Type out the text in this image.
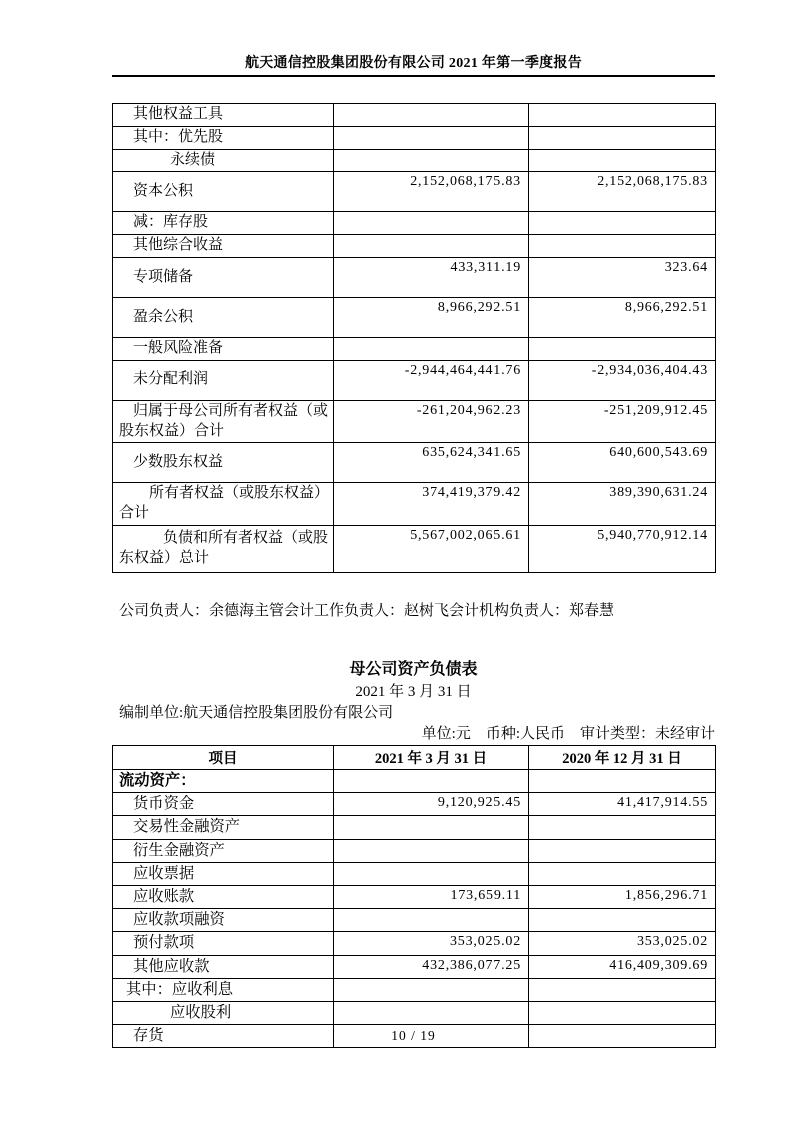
航天通信控股集团股份有限公司 2021 年第一季度报告
其他权益工具		
其中：优先股		
永续债		
资本公积	2,152,068,175.83	2,152,068,175.83
减：库存股		
其他综合收益		
专项储备	433,311.19	323.64
盈余公积	8,966,292.51	8,966,292.51
一般风险准备		
未分配利润	-2,944,464,441.76	-2,934,036,404.43
归属于母公司所有者权益（或股东权益）合计	-261,204,962.23	-251,209,912.45
少数股东权益	635,624,341.65	640,600,543.69
所有者权益（或股东权益）合计	374,419,379.42	389,390,631.24
负债和所有者权益（或股东权益）总计	5,567,002,065.61	5,940,770,912.14
公司负责人：余德海主管会计工作负责人：赵树飞会计机构负责人：郑春慧
母公司资产负债表
2021 年 3 月 31 日
编制单位:航天通信控股集团股份有限公司
单位:元　币种:人民币　审计类型：未经审计
项目	2021 年 3 月 31 日	2020 年 12 月 31 日
流动资产：		
货币资金	9,120,925.45	41,417,914.55
交易性金融资产		
衍生金融资产		
应收票据		
应收账款	173,659.11	1,856,296.71
应收款项融资		
预付款项	353,025.02	353,025.02
其他应收款	432,386,077.25	416,409,309.69
其中：应收利息		
应收股利		
存货			10 / 19
